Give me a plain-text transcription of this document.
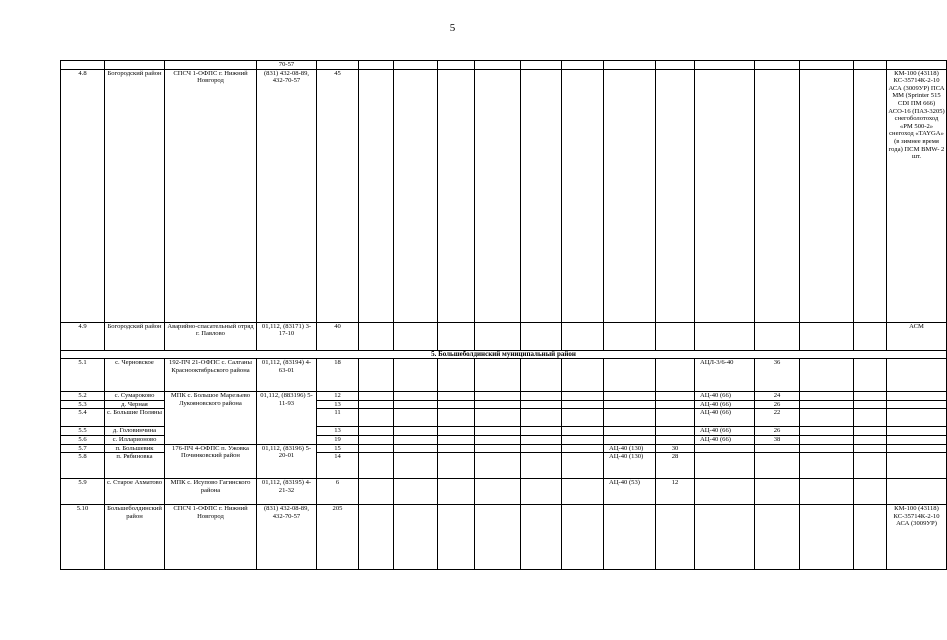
5
			70-57														
4.8	Богородский район	СПСЧ 1-ОФПС г. Нижний Новгород	(831) 432-08-89, 432-70-57	45													КМ-100 (43118) КС-35714К-2-10 АСА (3009УР) ПСА ММ (Sprinter 515 CDI ПМ 666) АСО-16 (ПАЗ-3205) снегоболотоход «РМ 500-2» снегоход «TAYGA» (в зимнее время года) ПСМ BMW- 2 шт.
4.9	Богородский район	Аварийно-спасательный отряд г. Павлово	01,112, (83171) 3-17-10	40													АСМ
5. Большеболдинский муниципальный район																	
5.1	с. Черновское	192-ПЧ 21-ОФПС с. Салганы Краснооктябрьского района	01,112, (83194) 4-63-01	18									АЦЛ-3/6-40	36			
5.2	с. Сумароково	МПК с. Большое Марезьево Лукояновского района	01,112, (883196) 5-11-93	12									АЦ-40 (66)	24			
5.3	д. Черная			13									АЦ-40 (66)	26			
5.4	с. Большие Поляны			11									АЦ-40 (66)	22			
5.5	д. Головинчина			13									АЦ-40 (66)	26			
5.6	с. Илларионово			19									АЦ-40 (66)	38			
5.7	п. Большевик	176-ПЧ 4-ОФПС п. Ужовка Починковский район	01,112, (83196) 5-20-01	15							АЦ-40 (130)	30					
5.8	п. Рябиновка			14							АЦ-40 (130)	28					
5.9	с. Старое Ахматово	МПК с. Исупово Гагинского района	01,112, (83195) 4-21-32	6							АЦ-40 (53)	12					
5.10	Большеболдинский район	СПСЧ 1-ОФПС г. Нижний Новгород	(831) 432-08-89, 432-70-57	205													КМ-100 (43118) КС-35714К-2-10 АСА (3009УР)
